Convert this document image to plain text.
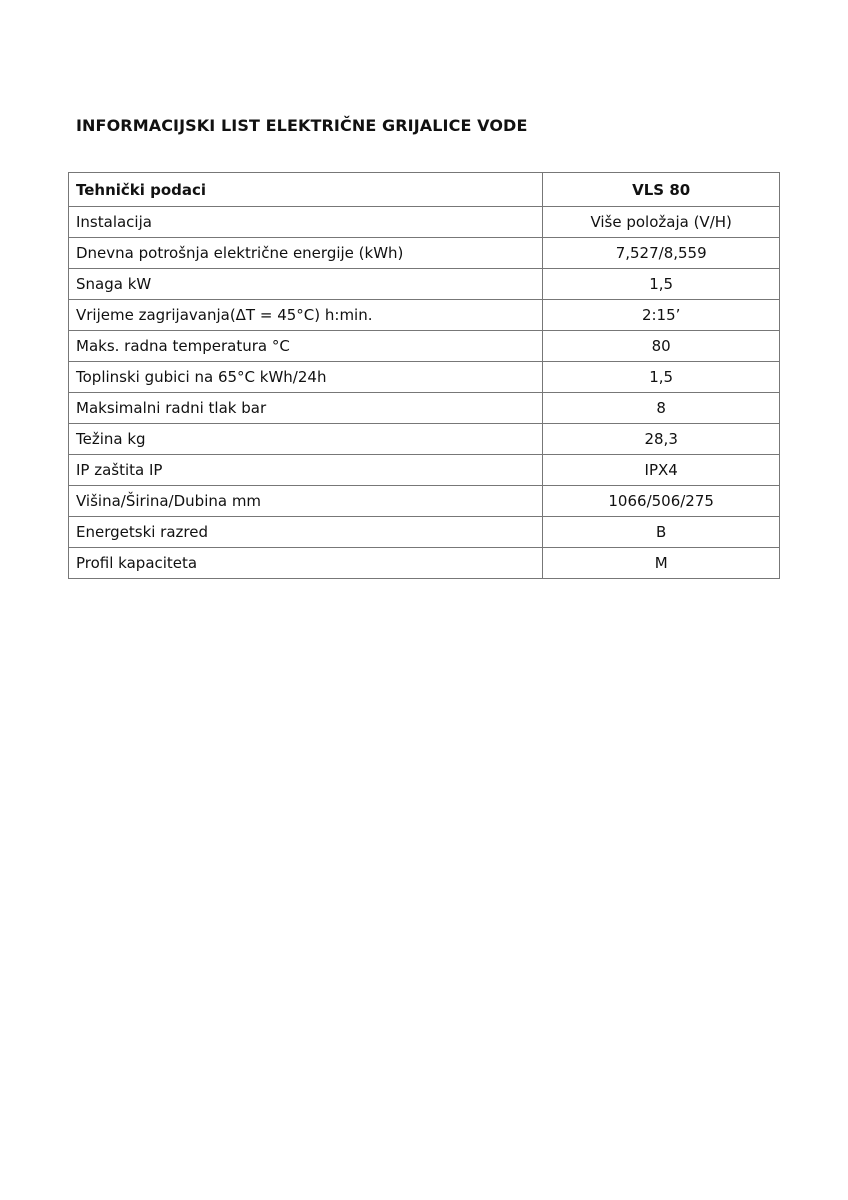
INFORMACIJSKI LIST ELEKTRIČNE GRIJALICE VODE
Tehnički podaci	VLS 80
Instalacija	Više položaja (V/H)
Dnevna potrošnja električne energije (kWh)	7,527/8,559
Snaga kW	1,5
Vrijeme zagrijavanja(ΔT = 45°C) h:min.	2:15’
Maks. radna temperatura °C	80
Toplinski gubici na 65°C kWh/24h	1,5
Maksimalni radni tlak bar	8
Težina kg	28,3
IP zaštita IP	IPX4
Višina/Širina/Dubina mm	1066/506/275
Energetski razred	B
Profil kapaciteta	M
